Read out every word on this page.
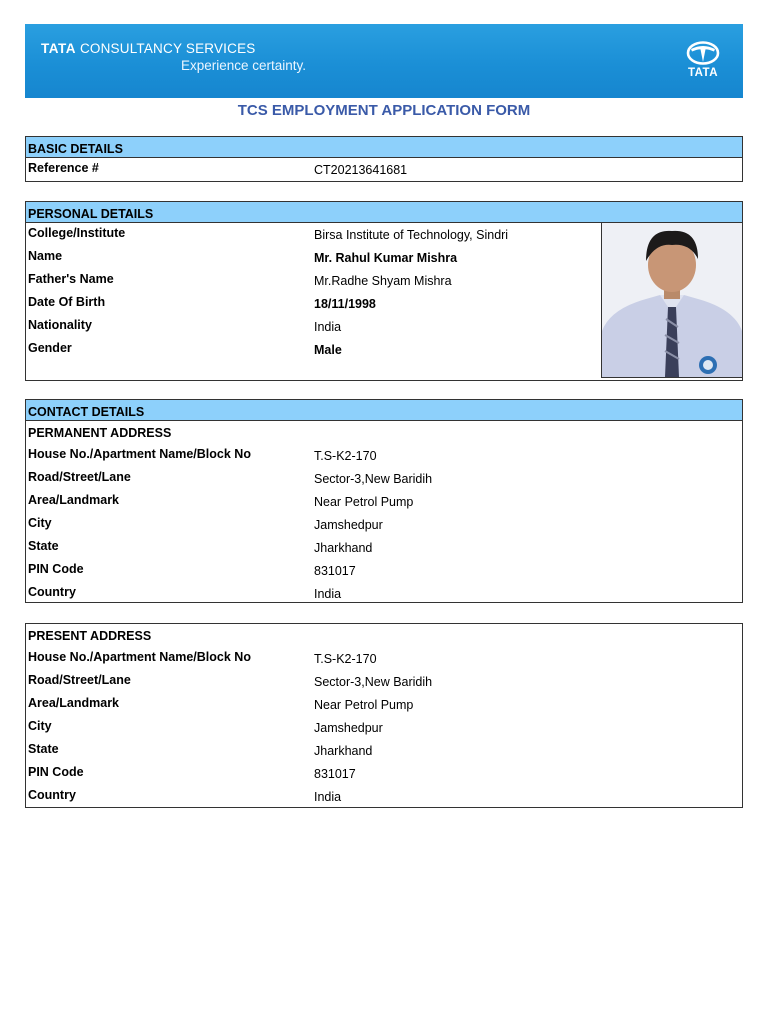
TATA CONSULTANCY SERVICES
Experience certainty.	TATA
TCS EMPLOYMENT APPLICATION FORM
BASIC DETAILS
Reference #	CT20213641681
PERSONAL DETAILS
College/Institute	Birsa Institute of Technology, Sindri
Name	Mr. Rahul Kumar Mishra
Father's Name	Mr.Radhe Shyam Mishra
Date Of Birth	18/11/1998
Nationality	India
Gender	Male
CONTACT DETAILS
PERMANENT ADDRESS
House No./Apartment Name/Block No	T.S-K2-170
Road/Street/Lane	Sector-3,New Baridih
Area/Landmark	Near Petrol Pump
City	Jamshedpur
State	Jharkhand
PIN Code	831017
Country	India
PRESENT ADDRESS
House No./Apartment Name/Block No	T.S-K2-170
Road/Street/Lane	Sector-3,New Baridih
Area/Landmark	Near Petrol Pump
City	Jamshedpur
State	Jharkhand
PIN Code	831017
Country	India
